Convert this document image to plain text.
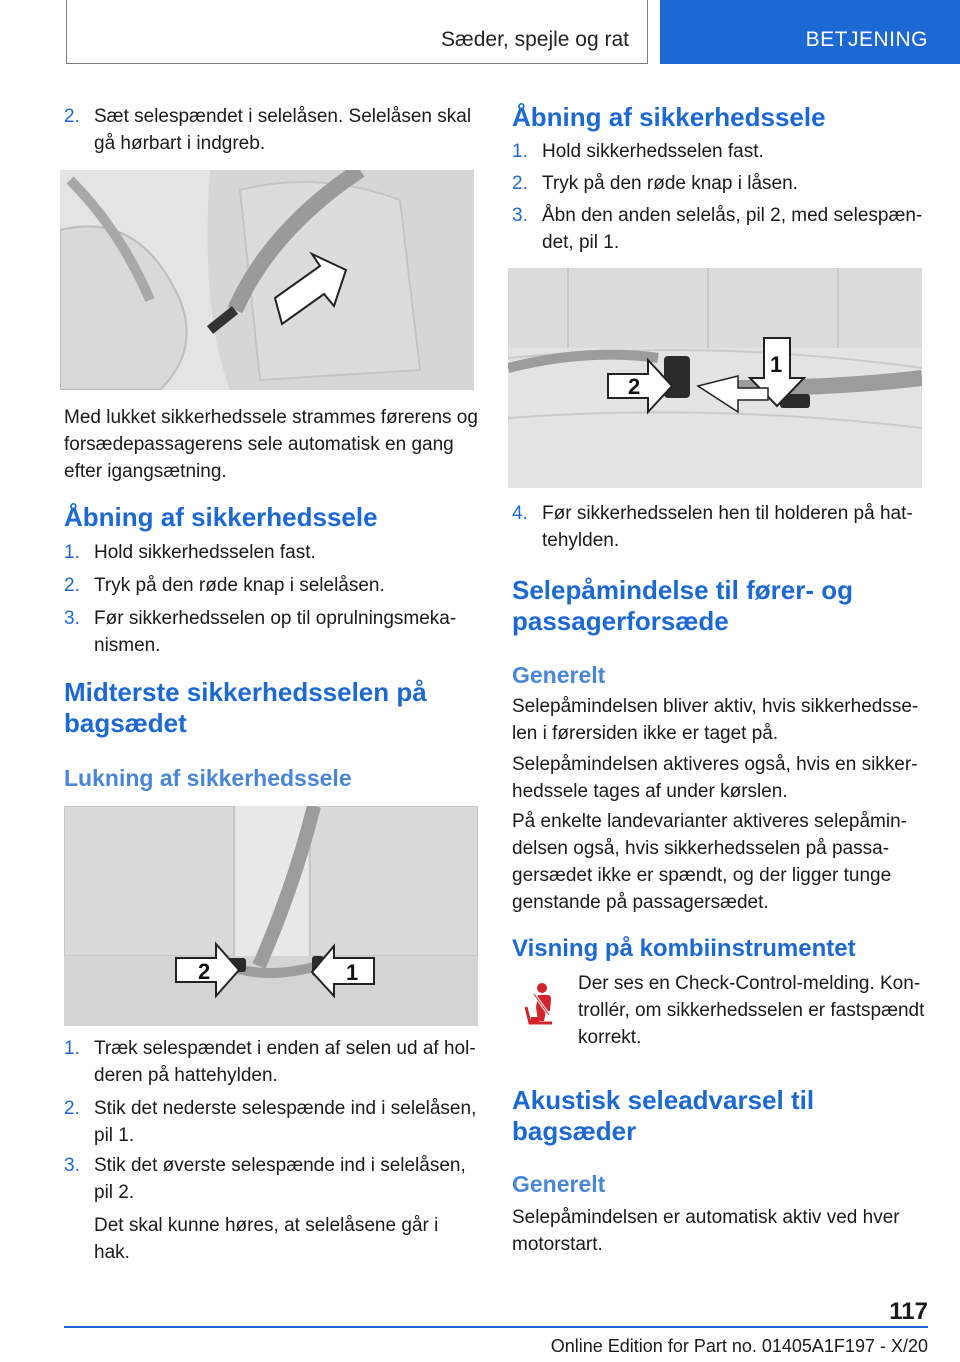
Sæder, spejle og rat	BETJENING
2. Sæt selespændet i selelåsen. Selelåsen skal gå hørbart i indgreb.
Med lukket sikkerhedssele strammes førerens og forsædepassagerens sele automatisk en gang efter igangsætning.
Åbning af sikkerhedssele
1. Hold sikkerhedsselen fast.
2. Tryk på den røde knap i selelåsen.
3. Før sikkerhedsselen op til oprulningsmekanismen.
Midterste sikkerhedsselen på bagsædet
Lukning af sikkerhedssele
2	1
1. Træk selespændet i enden af selen ud af holderen på hattehylden.
2. Stik det nederste selespænde ind i selelåsen, pil 1.
3. Stik det øverste selespænde ind i selelåsen, pil 2.
Det skal kunne høres, at selelåsene går i hak.
Åbning af sikkerhedssele
1. Hold sikkerhedsselen fast.
2. Tryk på den røde knap i låsen.
3. Åbn den anden selelås, pil 2, med selespændet, pil 1.
2
1
4. Før sikkerhedsselen hen til holderen på hattehylden.
Selepåmindelse til fører- og passagerforsæde
Generelt
Selepåmindelsen bliver aktiv, hvis sikkerhedsselen i førersiden ikke er taget på.
Selepåmindelsen aktiveres også, hvis en sikkerhedssele tages af under kørslen.
På enkelte landevarianter aktiveres selepåmindelsen også, hvis sikkerhedsselen på passagersædet ikke er spændt, og der ligger tunge genstande på passagersædet.
Visning på kombiinstrumentet
Der ses en Check-Control-melding. Kontrollér, om sikkerhedsselen er fastspændt korrekt.
Akustisk seleadvarsel til bagsæder
Generelt
Selepåmindelsen er automatisk aktiv ved hver motorstart.
117
Online Edition for Part no. 01405A1F197 - X/20
